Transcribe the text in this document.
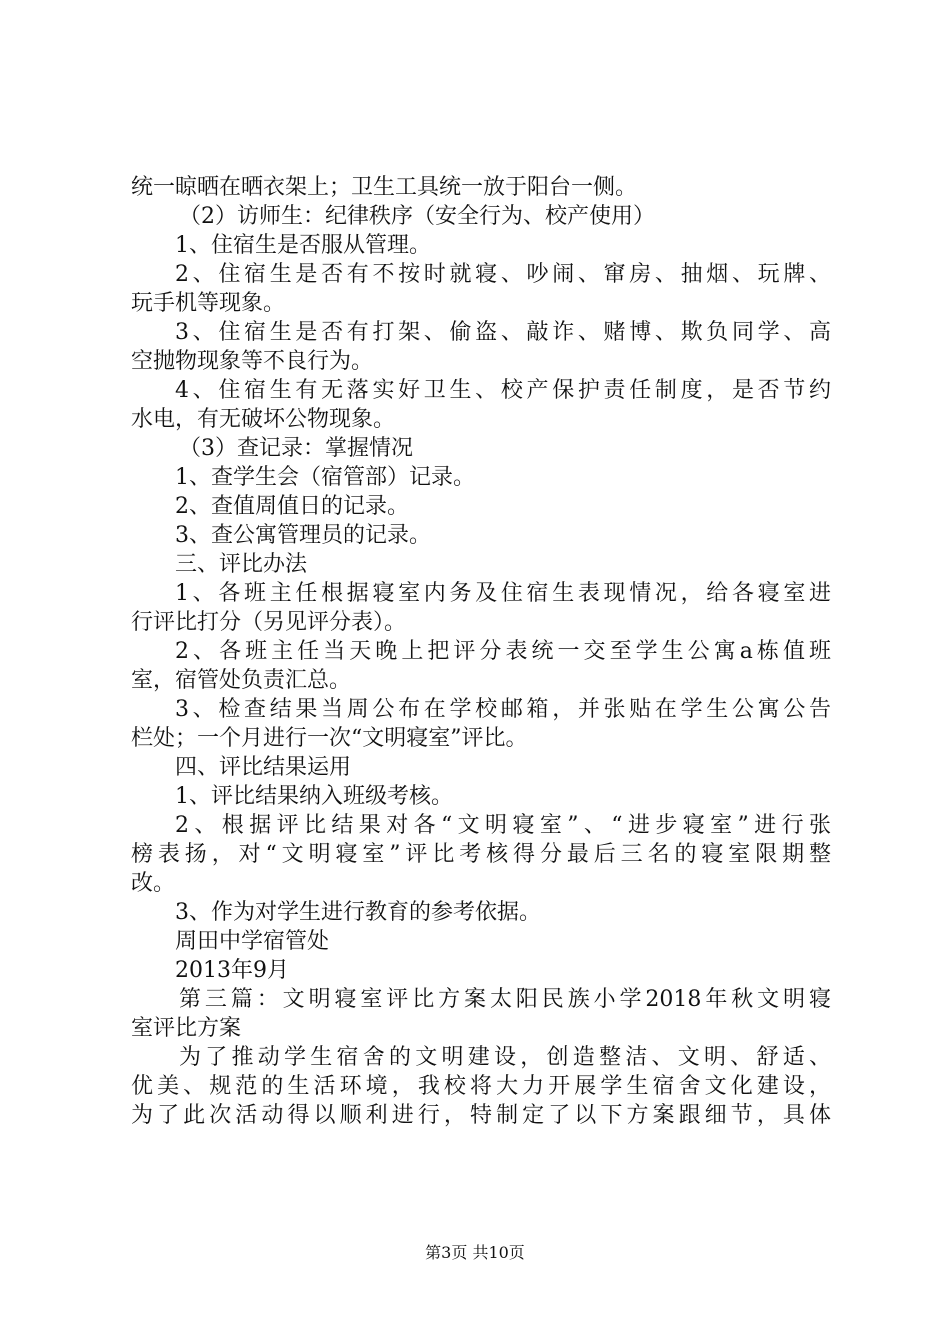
统一晾晒在晒衣架上；卫生工具统一放于阳台一侧。
（2）访师生：纪律秩序（安全行为、校产使用）
1、住宿生是否服从管理。
2、住宿生是否有不按时就寝、吵闹、窜房、抽烟、玩牌、
玩手机等现象。
3、住宿生是否有打架、偷盗、敲诈、赌博、欺负同学、高
空抛物现象等不良行为。
4、住宿生有无落实好卫生、校产保护责任制度，是否节约
水电，有无破坏公物现象。
（3）查记录：掌握情况
1、查学生会（宿管部）记录。
2、查值周值日的记录。
3、查公寓管理员的记录。
三、评比办法
1、各班主任根据寝室内务及住宿生表现情况，给各寝室进
行评比打分（另见评分表）。
2、各班主任当天晚上把评分表统一交至学生公寓a栋值班
室，宿管处负责汇总。
3、检查结果当周公布在学校邮箱，并张贴在学生公寓公告
栏处；一个月进行一次“文明寝室”评比。
四、评比结果运用
1、评比结果纳入班级考核。
2、根据评比结果对各“文明寝室”、“进步寝室”进行张
榜表扬，对“文明寝室”评比考核得分最后三名的寝室限期整
改。
3、作为对学生进行教育的参考依据。
周田中学宿管处
2013年9月
第三篇：文明寝室评比方案太阳民族小学2018年秋文明寝
室评比方案
为了推动学生宿舍的文明建设，创造整洁、文明、舒适、
优美、规范的生活环境，我校将大力开展学生宿舍文化建设，
为了此次活动得以顺利进行，特制定了以下方案跟细节，具体
第3页 共10页
